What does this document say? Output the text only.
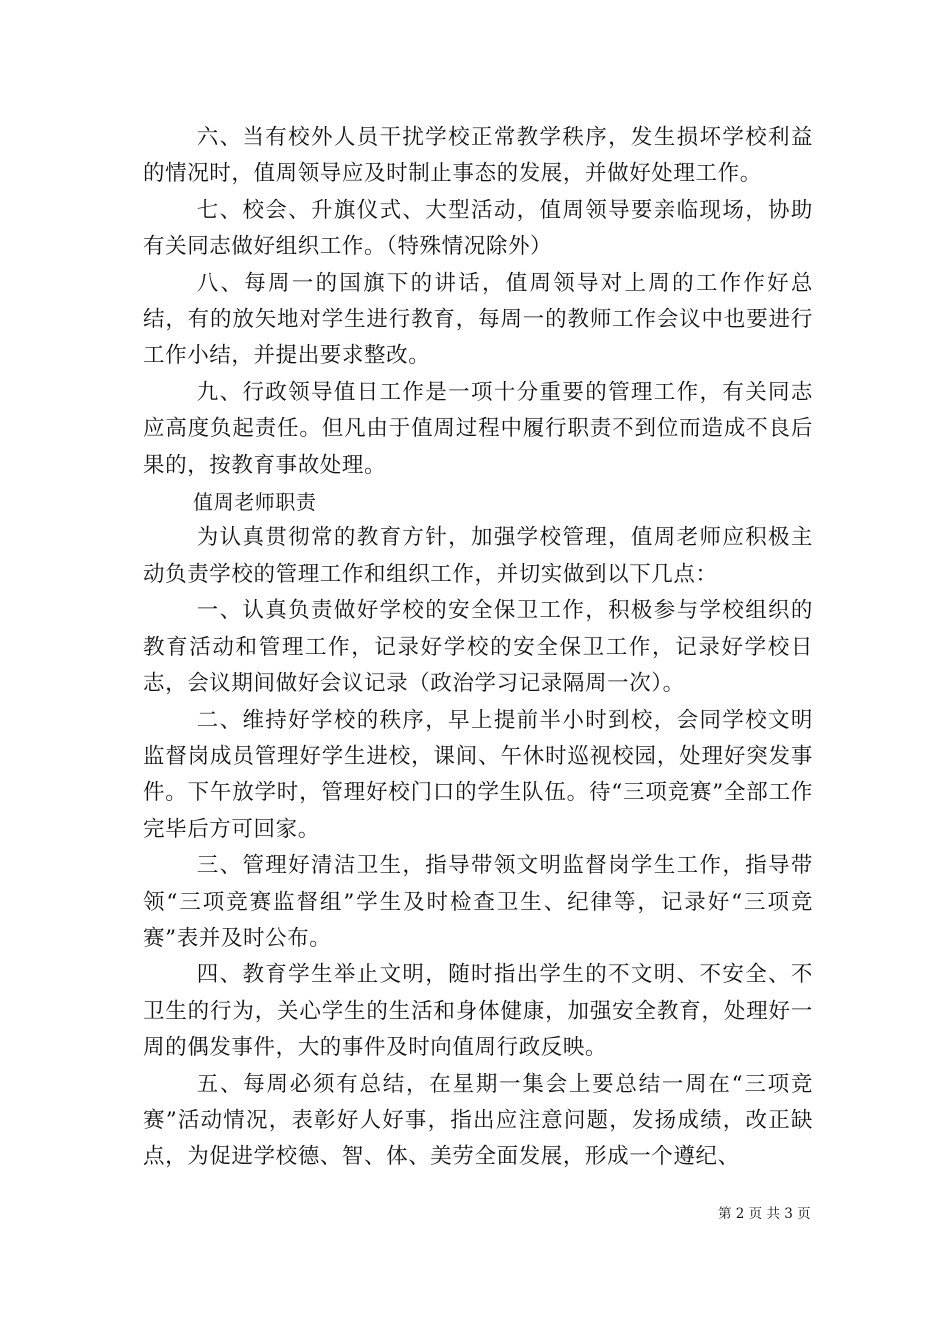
六、当有校外人员干扰学校正常教学秩序，发生损坏学校利益的情况时，值周领导应及时制止事态的发展，并做好处理工作。

七、校会、升旗仪式、大型活动，值周领导要亲临现场，协助有关同志做好组织工作。（特殊情况除外）

八、每周一的国旗下的讲话，值周领导对上周的工作作好总结，有的放矢地对学生进行教育，每周一的教师工作会议中也要进行工作小结，并提出要求整改。

九、行政领导值日工作是一项十分重要的管理工作，有关同志应高度负起责任。但凡由于值周过程中履行职责不到位而造成不良后果的，按教育事故处理。

值周老师职责

为认真贯彻常的教育方针，加强学校管理，值周老师应积极主动负责学校的管理工作和组织工作，并切实做到以下几点：

一、认真负责做好学校的安全保卫工作，积极参与学校组织的教育活动和管理工作，记录好学校的安全保卫工作，记录好学校日志，会议期间做好会议记录（政治学习记录隔周一次）。

二、维持好学校的秩序，早上提前半小时到校，会同学校文明监督岗成员管理好学生进校，课间、午休时巡视校园，处理好突发事件。下午放学时，管理好校门口的学生队伍。待“三项竞赛”全部工作完毕后方可回家。

三、管理好清洁卫生，指导带领文明监督岗学生工作，指导带领“三项竞赛监督组”学生及时检查卫生、纪律等，记录好“三项竞赛”表并及时公布。

四、教育学生举止文明，随时指出学生的不文明、不安全、不卫生的行为，关心学生的生活和身体健康，加强安全教育，处理好一周的偶发事件，大的事件及时向值周行政反映。

五、每周必须有总结，在星期一集会上要总结一周在“三项竞赛”活动情况，表彰好人好事，指出应注意问题，发扬成绩，改正缺点，为促进学校德、智、体、美劳全面发展，形成一个遵纪、

第 2 页 共 3 页
